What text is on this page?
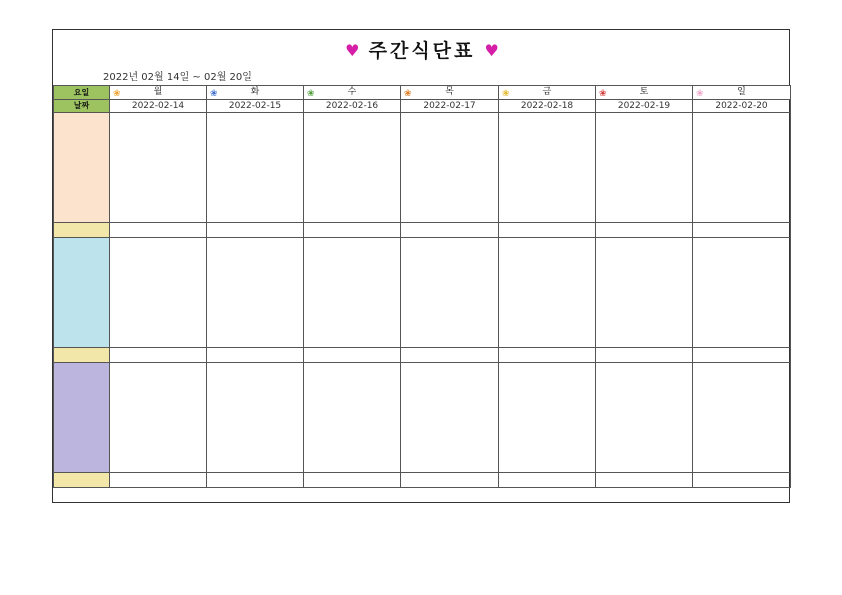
♥ 주간식단표 ♥
2022년 02월 14일 ~ 02월 20일
요일	❀ 월	❀ 화	❀ 수	❀ 목	❀ 금	❀ 토	❀ 일
날짜	2022-02-14	2022-02-15	2022-02-16	2022-02-17	2022-02-18	2022-02-19	2022-02-20
